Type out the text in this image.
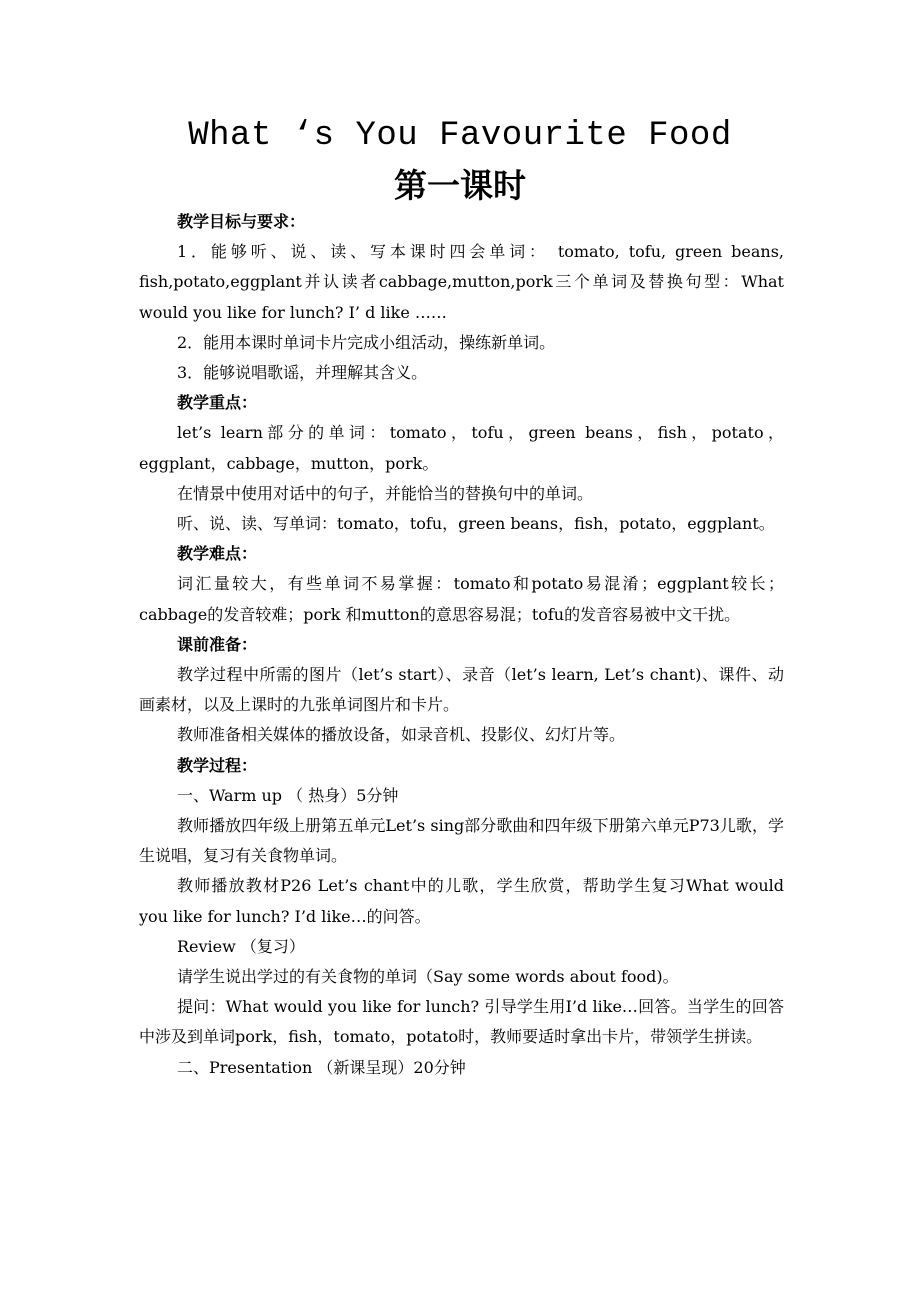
What ‘s You Favourite Food
第一课时

教学目标与要求：

1．能够听、说、读、写本课时四会单词： tomato, tofu, green beans, fish,potato,eggplant并认读者cabbage,mutton,pork三个单词及替换句型：What would you like for lunch? I’ d like ……

2．能用本课时单词卡片完成小组活动，操练新单词。

3．能够说唱歌谣，并理解其含义。

教学重点：

let’s learn部分的单词：tomato，tofu，green beans，fish，potato，eggplant，cabbage，mutton，pork。

在情景中使用对话中的句子，并能恰当的替换句中的单词。

听、说、读、写单词：tomato，tofu，green beans，fish，potato，eggplant。

教学难点：

词汇量较大，有些单词不易掌握：tomato和potato易混淆；eggplant较长；cabbage的发音较难；pork 和mutton的意思容易混；tofu的发音容易被中文干扰。

课前准备：

教学过程中所需的图片（let’s start）、录音（let’s learn, Let’s chant)、课件、动画素材，以及上课时的九张单词图片和卡片。

教师准备相关媒体的播放设备，如录音机、投影仪、幻灯片等。

教学过程：

一、Warm up （ 热身）5分钟

教师播放四年级上册第五单元Let’s sing部分歌曲和四年级下册第六单元P73儿歌，学生说唱，复习有关食物单词。

教师播放教材P26 Let’s chant中的儿歌，学生欣赏，帮助学生复习What would you like for lunch? I’d like…的问答。

Review （复习）

请学生说出学过的有关食物的单词（Say some words about food)。

提问：What would you like for lunch? 引导学生用I’d like…回答。当学生的回答中涉及到单词pork，fish，tomato，potato时，教师要适时拿出卡片，带领学生拼读。

二、Presentation （新课呈现）20分钟
